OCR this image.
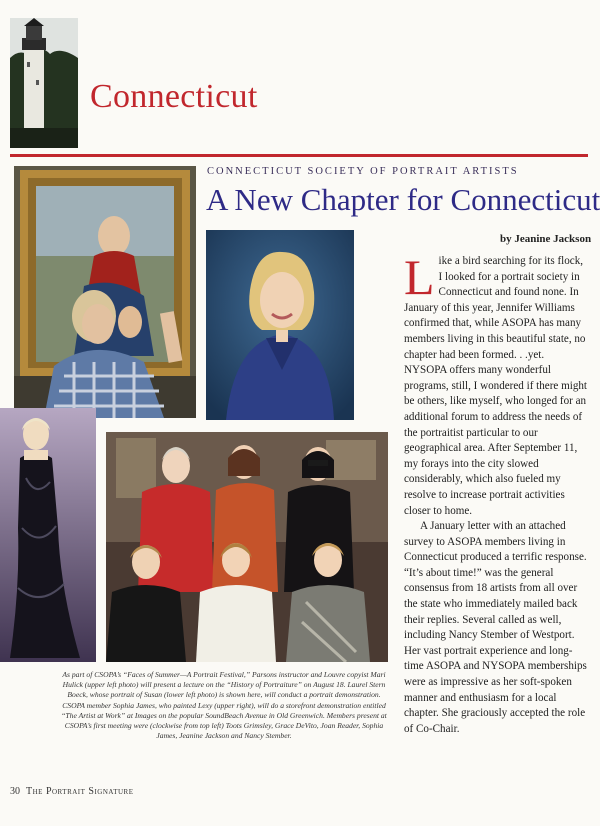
Connecticut
CONNECTICUT SOCIETY OF PORTRAIT ARTISTS
A New Chapter for Connecticut
by Jeanine Jackson

Like a bird searching for its flock, I looked for a portrait society in Connecticut and found none. In January of this year, Jennifer Williams confirmed that, while ASOPA has many members living in this beautiful state, no chapter had been formed. . .yet. NYSOPA offers many wonderful programs, still, I wondered if there might be others, like myself, who longed for an additional forum to address the needs of the portraitist particular to our geographical area. After September 11, my forays into the city slowed considerably, which also fueled my resolve to increase portrait activities closer to home.

A January letter with an attached survey to ASOPA members living in Connecticut produced a terrific response. “It’s about time!” was the general consensus from 18 artists from all over the state who immediately mailed back their replies. Several called as well, including Nancy Stember of Westport. Her vast portrait experience and long-time ASOPA and NYSOPA memberships were as impressive as her soft-spoken manner and enthusiasm for a local chapter. She graciously accepted the role of Co-Chair.

As part of CSOPA’s “Faces of Summer—A Portrait Festival,” Parsons instructor and Louvre copyist Mari Hulick (upper left photo) will present a lecture on the “History of Portraiture” on August 18. Laurel Stern Boeck, whose portrait of Susan (lower left photo) is shown here, will conduct a portrait demonstration. CSOPA member Sophia James, who painted Lexy (upper right), will do a storefront demonstration entitled “The Artist at Work” at Images on the popular SoundBeach Avenue in Old Greenwich. Members present at CSOPA’s first meeting were (clockwise from top left) Toots Grimsley, Grace DeVito, Joan Reader, Sophia James, Jeanine Jackson and Nancy Stember.
30 The Portrait Signature
